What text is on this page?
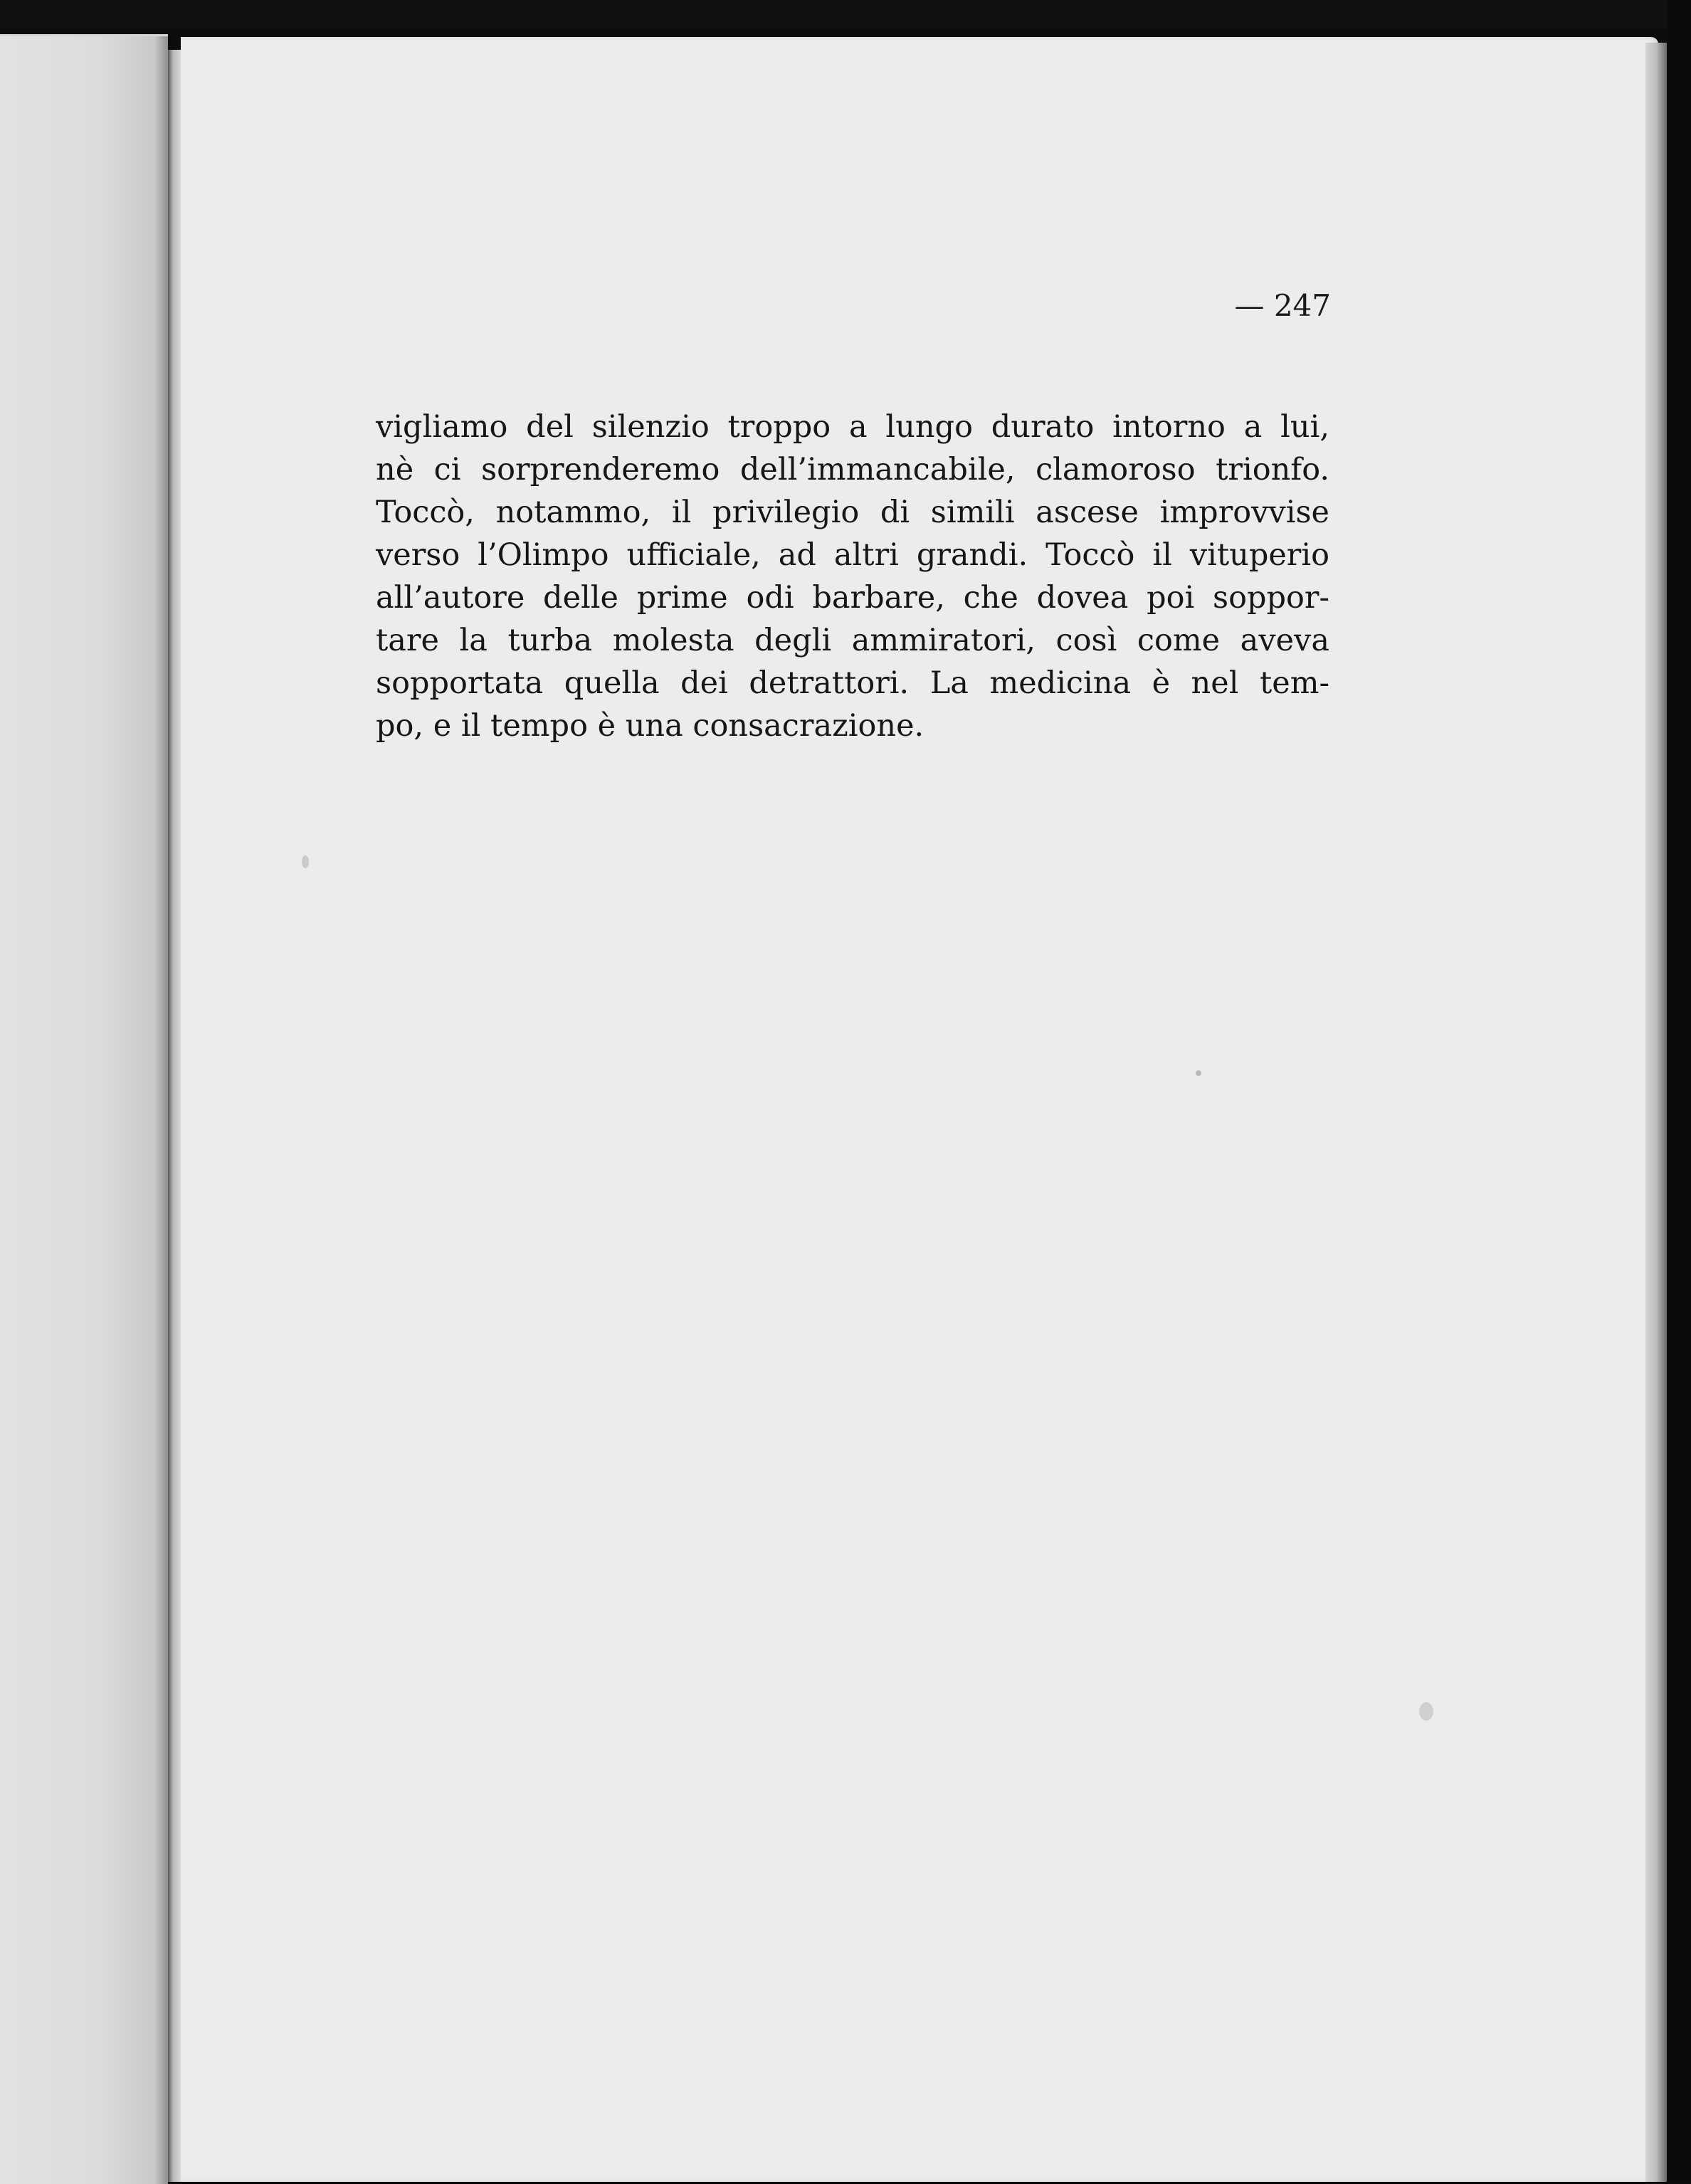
— 247
vigliamo del silenzio troppo a lungo durato intorno a lui,
nè ci sorprenderemo dell’immancabile, clamoroso trionfo.
Toccò, notammo, il privilegio di simili ascese improvvise
verso l’Olimpo ufficiale, ad altri grandi. Toccò il vituperio
all’autore delle prime odi barbare, che dovea poi soppor-
tare la turba molesta degli ammiratori, così come aveva
sopportata quella dei detrattori. La medicina è nel tem-
po, e il tempo è una consacrazione.
